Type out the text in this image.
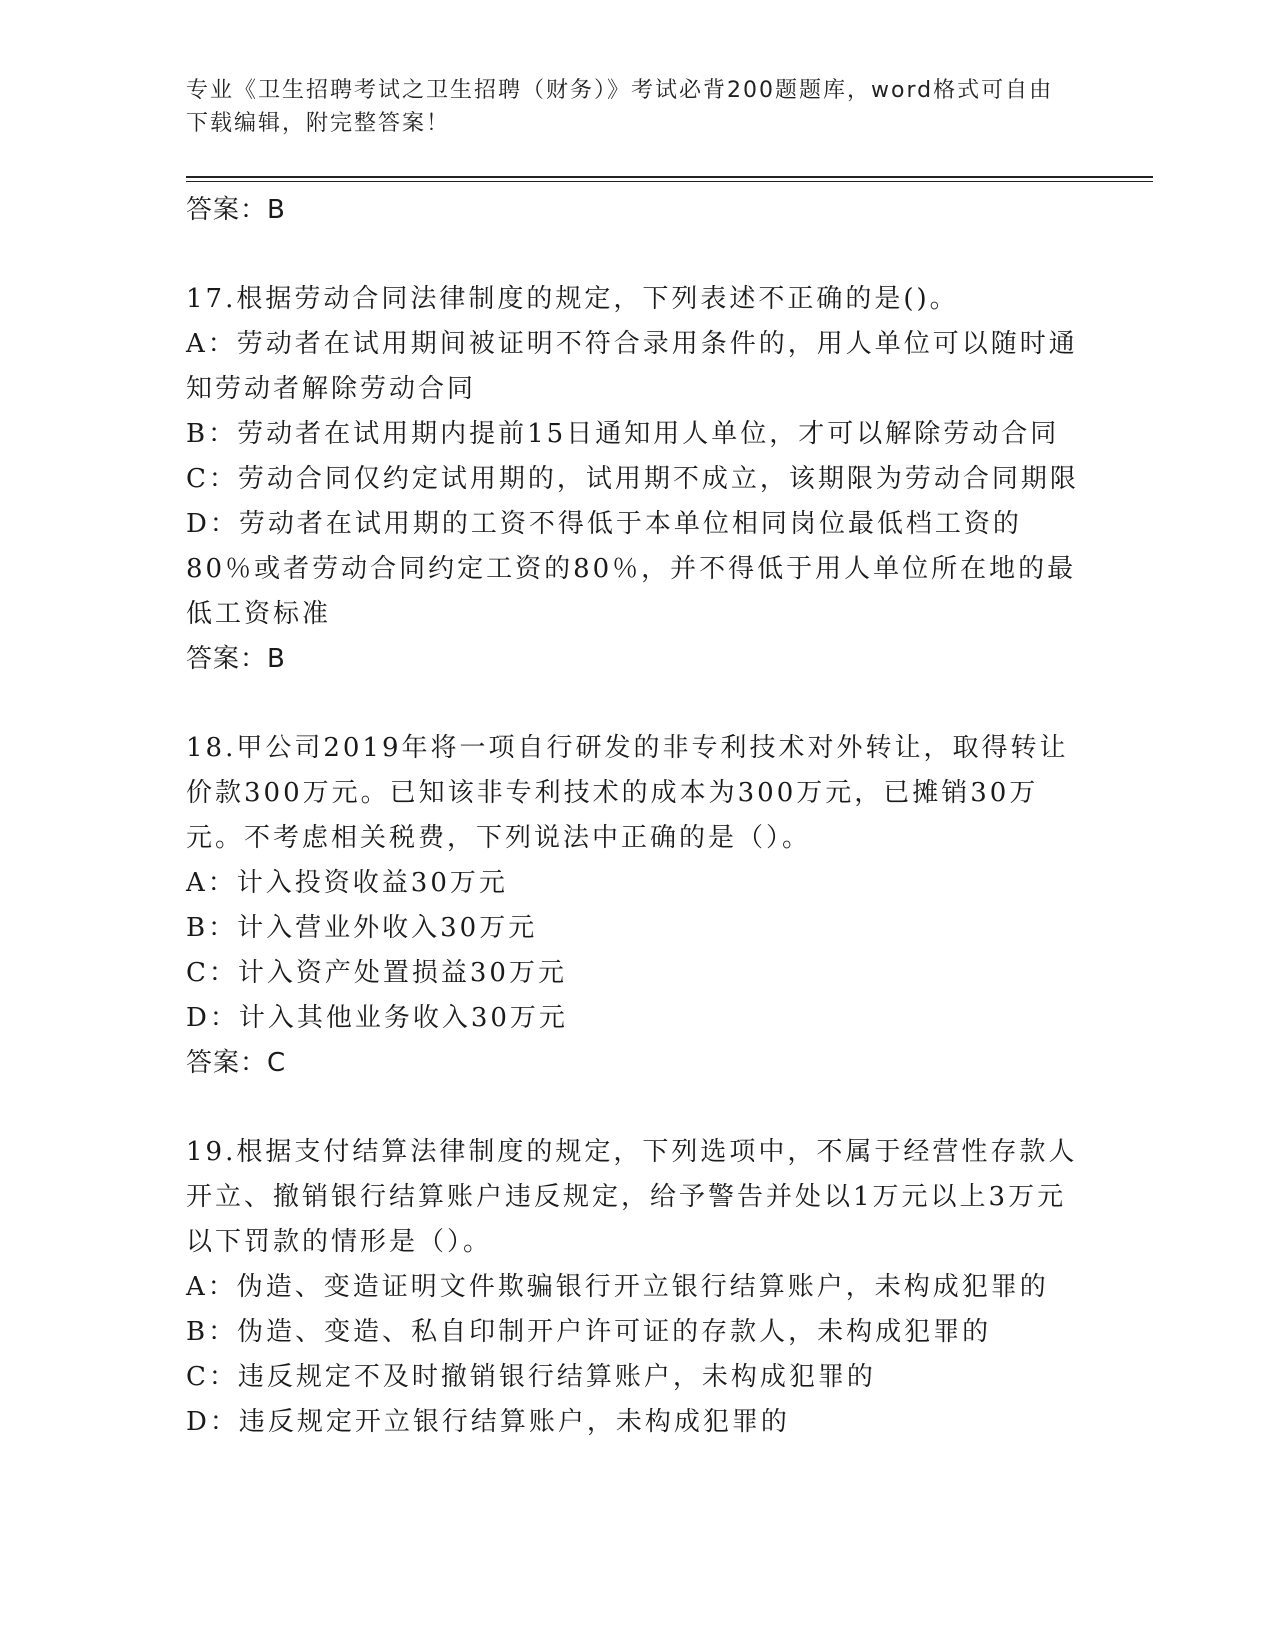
专业《卫生招聘考试之卫生招聘（财务）》考试必背200题题库，word格式可自由下载编辑，附完整答案！

答案：B

17.根据劳动合同法律制度的规定，下列表述不正确的是()。

A：劳动者在试用期间被证明不符合录用条件的，用人单位可以随时通知劳动者解除劳动合同

B：劳动者在试用期内提前15日通知用人单位，才可以解除劳动合同

C：劳动合同仅约定试用期的，试用期不成立，该期限为劳动合同期限

D：劳动者在试用期的工资不得低于本单位相同岗位最低档工资的80％或者劳动合同约定工资的80％，并不得低于用人单位所在地的最低工资标准

答案：B

18.甲公司2019年将一项自行研发的非专利技术对外转让，取得转让价款300万元。已知该非专利技术的成本为300万元，已摊销30万元。不考虑相关税费，下列说法中正确的是（）。

A：计入投资收益30万元

B：计入营业外收入30万元

C：计入资产处置损益30万元

D：计入其他业务收入30万元

答案：C

19.根据支付结算法律制度的规定，下列选项中，不属于经营性存款人开立、撤销银行结算账户违反规定，给予警告并处以1万元以上3万元以下罚款的情形是（）。

A：伪造、变造证明文件欺骗银行开立银行结算账户，未构成犯罪的

B：伪造、变造、私自印制开户许可证的存款人，未构成犯罪的

C：违反规定不及时撤销银行结算账户，未构成犯罪的

D：违反规定开立银行结算账户，未构成犯罪的
